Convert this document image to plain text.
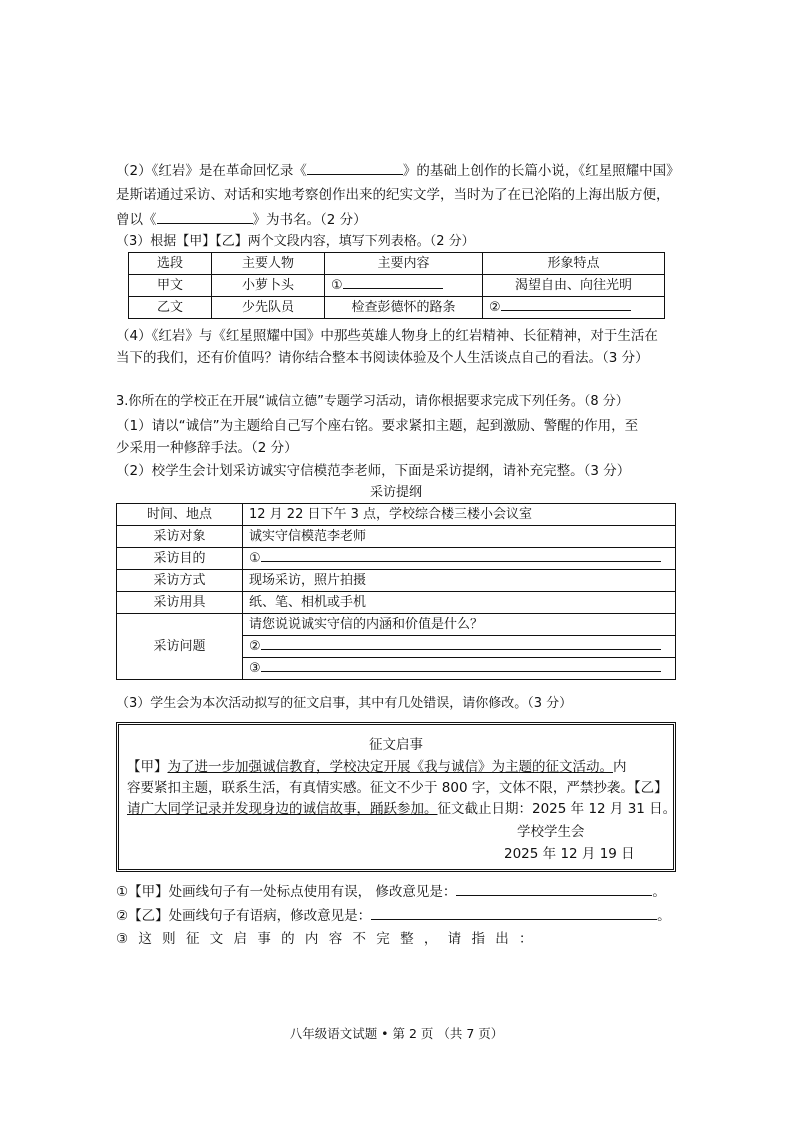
（2）《红岩》是在革命回忆录《	》的基础上创作的长篇小说，《红星照耀中国》
是斯诺通过采访、对话和实地考察创作出来的纪实文学，当时为了在已沦陷的上海出版方便，
曾以《	》为书名。（2 分）
（3）根据【甲】【乙】两个文段内容，填写下列表格。（2 分）
选段	主要人物	主要内容	形象特点
甲文	小萝卜头	①	渴望自由、向往光明
乙文	少先队员	检查彭德怀的路条	②
（4）《红岩》与《红星照耀中国》中那些英雄人物身上的红岩精神、长征精神，对于生活在
当下的我们，还有价值吗？请你结合整本书阅读体验及个人生活谈点自己的看法。（3 分）
3.你所在的学校正在开展“诚信立德”专题学习活动，请你根据要求完成下列任务。（8 分）
（1）请以“诚信”为主题给自己写个座右铭。要求紧扣主题，起到激励、警醒的作用，至
少采用一种修辞手法。（2 分）
（2）校学生会计划采访诚实守信模范李老师，下面是采访提纲，请补充完整。（3 分）
采访提纲
时间、地点	12 月 22 日下午 3 点，学校综合楼三楼小会议室
采访对象	诚实守信模范李老师
采访目的	①
采访方式	现场采访，照片拍摄
采访用具	纸、笔、相机或手机
采访问题	请您说说诚实守信的内涵和价值是什么？
	②
	③
（3）学生会为本次活动拟写的征文启事，其中有几处错误，请你修改。（3 分）
征文启事
【甲】为了进一步加强诚信教育，学校决定开展《我与诚信》为主题的征文活动。内
容要紧扣主题，联系生活，有真情实感。征文不少于 800 字，文体不限，严禁抄袭。【乙】
请广大同学记录并发现身边的诚信故事，踊跃参加。征文截止日期：2025 年 12 月 31 日。
学校学生会
2025 年 12 月 19 日
①【甲】处画线句子有一处标点使用有误， 修改意见是：	。
②【乙】处画线句子有语病，修改意见是：	。
③ 这 则 征 文 启 事 的 内 容 不 完 整 ， 请 指 出 ：
八年级语文试题 • 第 2 页 （共 7 页）
